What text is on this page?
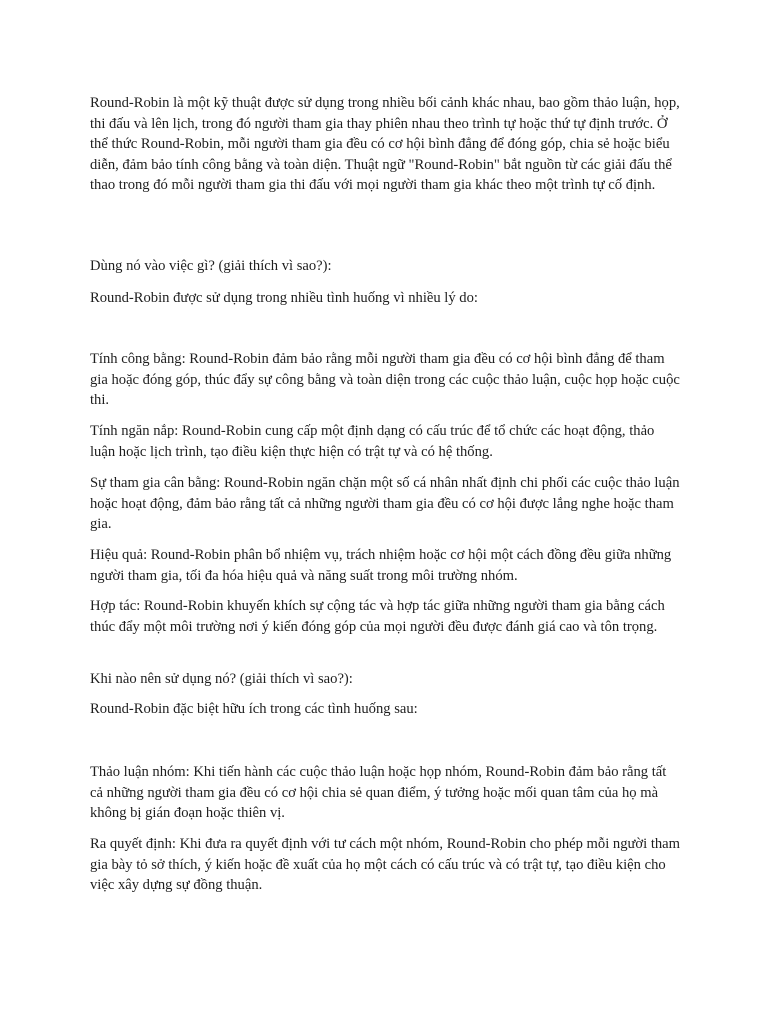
Round-Robin là một kỹ thuật được sử dụng trong nhiều bối cảnh khác nhau, bao gồm thảo luận, họp, thi đấu và lên lịch, trong đó người tham gia thay phiên nhau theo trình tự hoặc thứ tự định trước. Ở thể thức Round-Robin, mỗi người tham gia đều có cơ hội bình đẳng để đóng góp, chia sẻ hoặc biểu diễn, đảm bảo tính công bằng và toàn diện. Thuật ngữ "Round-Robin" bắt nguồn từ các giải đấu thể thao trong đó mỗi người tham gia thi đấu với mọi người tham gia khác theo một trình tự cố định.

Dùng nó vào việc gì? (giải thích vì sao?):

Round-Robin được sử dụng trong nhiều tình huống vì nhiều lý do:

Tính công bằng: Round-Robin đảm bảo rằng mỗi người tham gia đều có cơ hội bình đẳng để tham gia hoặc đóng góp, thúc đẩy sự công bằng và toàn diện trong các cuộc thảo luận, cuộc họp hoặc cuộc thi.

Tính ngăn nắp: Round-Robin cung cấp một định dạng có cấu trúc để tổ chức các hoạt động, thảo luận hoặc lịch trình, tạo điều kiện thực hiện có trật tự và có hệ thống.

Sự tham gia cân bằng: Round-Robin ngăn chặn một số cá nhân nhất định chi phối các cuộc thảo luận hoặc hoạt động, đảm bảo rằng tất cả những người tham gia đều có cơ hội được lắng nghe hoặc tham gia.

Hiệu quả: Round-Robin phân bổ nhiệm vụ, trách nhiệm hoặc cơ hội một cách đồng đều giữa những người tham gia, tối đa hóa hiệu quả và năng suất trong môi trường nhóm.

Hợp tác: Round-Robin khuyến khích sự cộng tác và hợp tác giữa những người tham gia bằng cách thúc đẩy một môi trường nơi ý kiến đóng góp của mọi người đều được đánh giá cao và tôn trọng.

Khi nào nên sử dụng nó? (giải thích vì sao?):

Round-Robin đặc biệt hữu ích trong các tình huống sau:

Thảo luận nhóm: Khi tiến hành các cuộc thảo luận hoặc họp nhóm, Round-Robin đảm bảo rằng tất cả những người tham gia đều có cơ hội chia sẻ quan điểm, ý tưởng hoặc mối quan tâm của họ mà không bị gián đoạn hoặc thiên vị.

Ra quyết định: Khi đưa ra quyết định với tư cách một nhóm, Round-Robin cho phép mỗi người tham gia bày tỏ sở thích, ý kiến hoặc đề xuất của họ một cách có cấu trúc và có trật tự, tạo điều kiện cho việc xây dựng sự đồng thuận.
